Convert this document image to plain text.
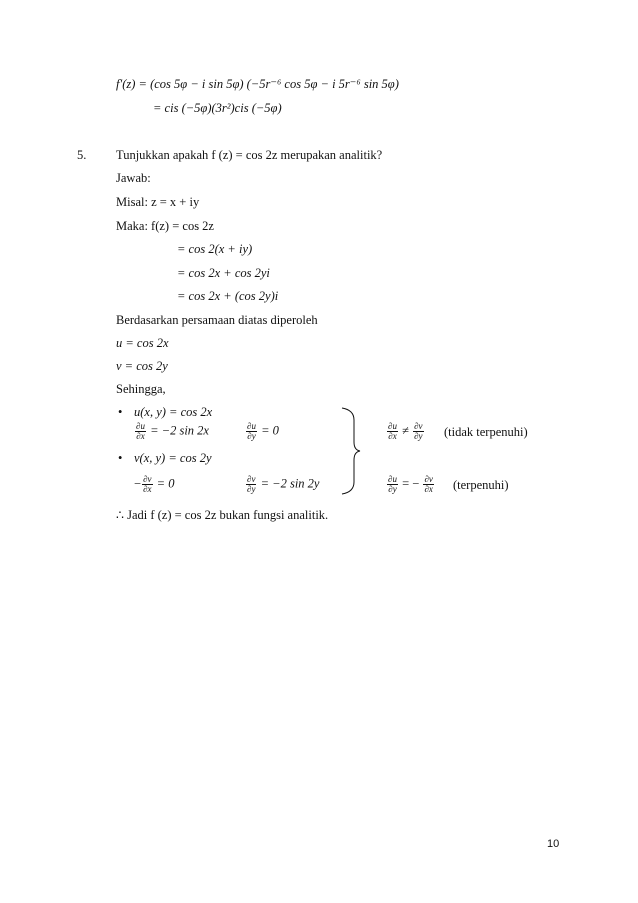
f′(z) = (cos 5φ − i sin 5φ) (−5r⁻⁶ cos 5φ − i 5r⁻⁶ sin 5φ)
= cis (−5φ)(3r²)cis (−5φ)
5. Tunjukkan apakah f (z) = cos 2z merupakan analitik?
Jawab:
Misal: z = x + iy
Maka: f(z) = cos 2z
= cos 2(x + iy)
= cos 2x + cos 2yi
= cos 2x + (cos 2y)i
Berdasarkan persamaan diatas diperoleh
u = cos 2x
v = cos 2y
Sehingga,
• u(x, y) = cos 2x
$\frac{\partial u}{\partial x} = -2$ sin 2x	$\frac{\partial u}{\partial y} = 0$
• v(x, y) = cos 2y
− $\frac{\partial v}{\partial x} = 0$	$\frac{\partial v}{\partial y} = -2$ sin 2y
$\frac{\partial u}{\partial x} \ne \frac{\partial v}{\partial y}$ (tidak terpenuhi)
$\frac{\partial u}{\partial y}$ = − $\frac{\partial v}{\partial x}$ (terpenuhi)
∴ Jadi f (z) = cos 2z bukan fungsi analitik.
10
